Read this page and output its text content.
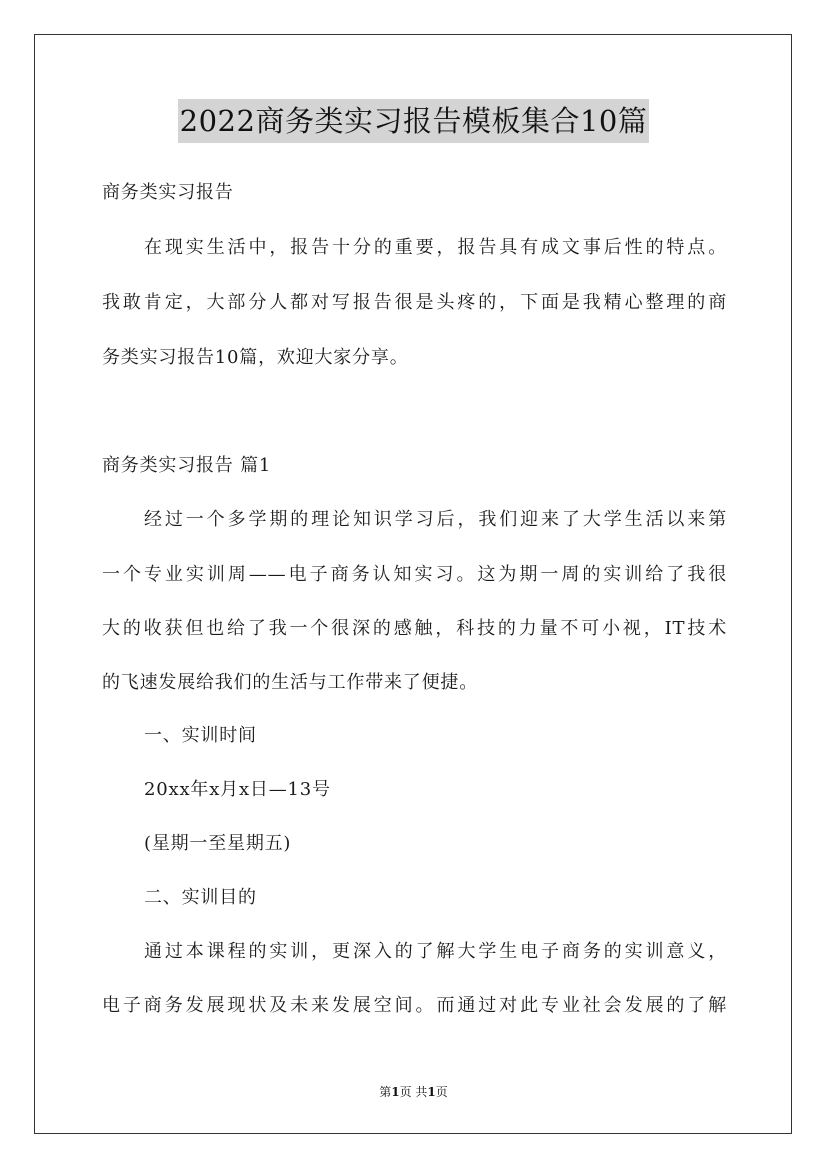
2022商务类实习报告模板集合10篇
商务类实习报告
在现实生活中，报告十分的重要，报告具有成文事后性的特点。
我敢肯定，大部分人都对写报告很是头疼的，下面是我精心整理的商
务类实习报告10篇，欢迎大家分享。
商务类实习报告 篇1
经过一个多学期的理论知识学习后，我们迎来了大学生活以来第
一个专业实训周——电子商务认知实习。这为期一周的实训给了我很
大的收获但也给了我一个很深的感触，科技的力量不可小视，IT技术
的飞速发展给我们的生活与工作带来了便捷。
一、实训时间
20xx年x月x日—13号
(星期一至星期五)
二、实训目的
通过本课程的实训，更深入的了解大学生电子商务的实训意义，
电子商务发展现状及未来发展空间。而通过对此专业社会发展的了解
第1页 共1页
